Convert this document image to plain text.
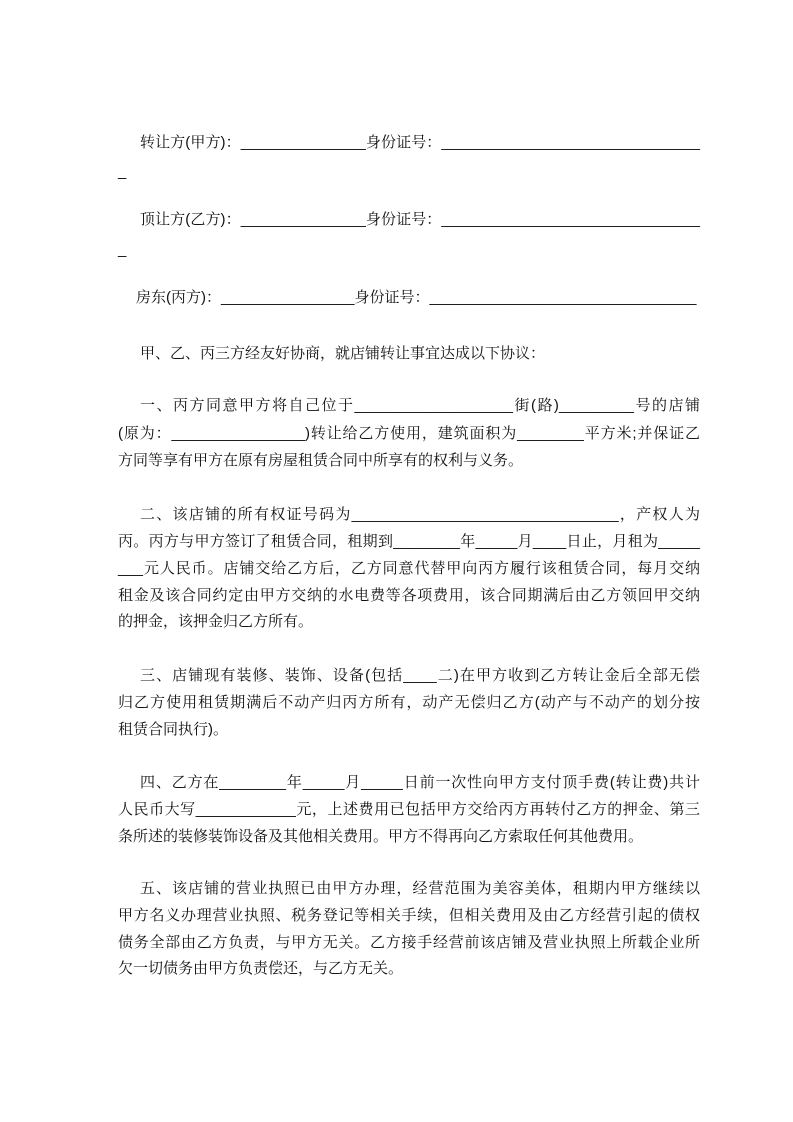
转让方(甲方)：_______________身份证号：_______________________________
_
顶让方(乙方)：_______________身份证号：_______________________________
_
房东(丙方)：________________身份证号：________________________________
甲、乙、丙三方经友好协商，就店铺转让事宜达成以下协议：
一、丙方同意甲方将自己位于___________________街(路)_________号的店铺
(原为：________________)转让给乙方使用，建筑面积为________平方米;并保证乙
方同等享有甲方在原有房屋租赁合同中所享有的权利与义务。
二、该店铺的所有权证号码为________________________________，产权人为
丙。丙方与甲方签订了租赁合同，租期到________年_____月____日止，月租为_____
___元人民币。店铺交给乙方后，乙方同意代替甲向丙方履行该租赁合同，每月交纳
租金及该合同约定由甲方交纳的水电费等各项费用，该合同期满后由乙方领回甲交纳
的押金，该押金归乙方所有。
三、店铺现有装修、装饰、设备(包括____二)在甲方收到乙方转让金后全部无偿
归乙方使用租赁期满后不动产归丙方所有，动产无偿归乙方(动产与不动产的划分按
租赁合同执行)。
四、乙方在________年_____月_____日前一次性向甲方支付顶手费(转让费)共计
人民币大写____________元，上述费用已包括甲方交给丙方再转付乙方的押金、第三
条所述的装修装饰设备及其他相关费用。甲方不得再向乙方索取任何其他费用。
五、该店铺的营业执照已由甲方办理，经营范围为美容美体，租期内甲方继续以
甲方名义办理营业执照、税务登记等相关手续，但相关费用及由乙方经营引起的债权
债务全部由乙方负责，与甲方无关。乙方接手经营前该店铺及营业执照上所载企业所
欠一切债务由甲方负责偿还，与乙方无关。
